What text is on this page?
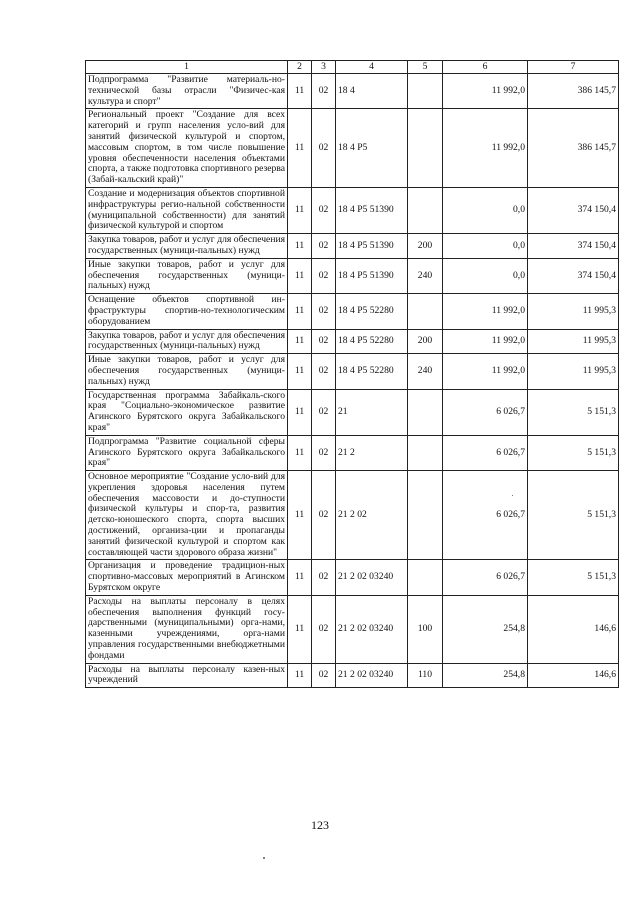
1	2	3	4	5	6	7
Подпрограмма "Развитие материаль-но-технической базы отрасли "Физичес-кая культура и спорт"	11	02	18 4		11 992,0	386 145,7
Региональный проект "Создание для всех категорий и групп населения усло-вий для занятий физической культурой и спортом, массовым спортом, в том числе повышение уровня обеспеченности населения объектами спорта, а также подготовка спортивного резерва (Забай-кальский край)"	11	02	18 4 P5		11 992,0	386 145,7
Создание и модернизация объектов спортивной инфраструктуры регио-нальной собственности (муниципальной собственности) для занятий физической культурой и спортом	11	02	18 4 P5 51390		0,0	374 150,4
Закупка товаров, работ и услуг для обеспечения государственных (муници-пальных) нужд	11	02	18 4 P5 51390	200	0,0	374 150,4
Иные закупки товаров, работ и услуг для обеспечения государственных (муници-пальных) нужд	11	02	18 4 P5 51390	240	0,0	374 150,4
Оснащение объектов спортивной ин-фраструктуры спортив-но-технологическим оборудованием	11	02	18 4 P5 52280		11 992,0	11 995,3
Закупка товаров, работ и услуг для обеспечения государственных (муници-пальных) нужд	11	02	18 4 P5 52280	200	11 992,0	11 995,3
Иные закупки товаров, работ и услуг для обеспечения государственных (муници-пальных) нужд	11	02	18 4 P5 52280	240	11 992,0	11 995,3
Государственная программа Забайкаль-ского края "Социально-экономическое развитие Агинского Бурятского округа Забайкальского края"	11	02	21		6 026,7	5 151,3
Подпрограмма "Развитие социальной сферы Агинского Бурятского округа Забайкальского края"	11	02	21 2		6 026,7	5 151,3
Основное мероприятие "Создание усло-вий для укрепления здоровья населения путем обеспечения массовости и до-ступности физической культуры и спор-та, развития детско-юношеского спорта, спорта высших достижений, организа-ции и пропаганды занятий физической культурой и спортом как составляющей части здорового образа жизни"	11	02	21 2 02		6 026,7	5 151,3
Организация и проведение традицион-ных спортивно-массовых мероприятий в Агинском Бурятском округе	11	02	21 2 02 03240		6 026,7	5 151,3
Расходы на выплаты персоналу в целях обеспечения выполнения функций госу-дарственными (муниципальными) орга-нами, казенными учреждениями, орга-нами управления государственными внебюджетными фондами	11	02	21 2 02 03240	100	254,8	146,6
Расходы на выплаты персоналу казен-ных учреждений	11	02	21 2 02 03240	110	254,8	146,6
123
